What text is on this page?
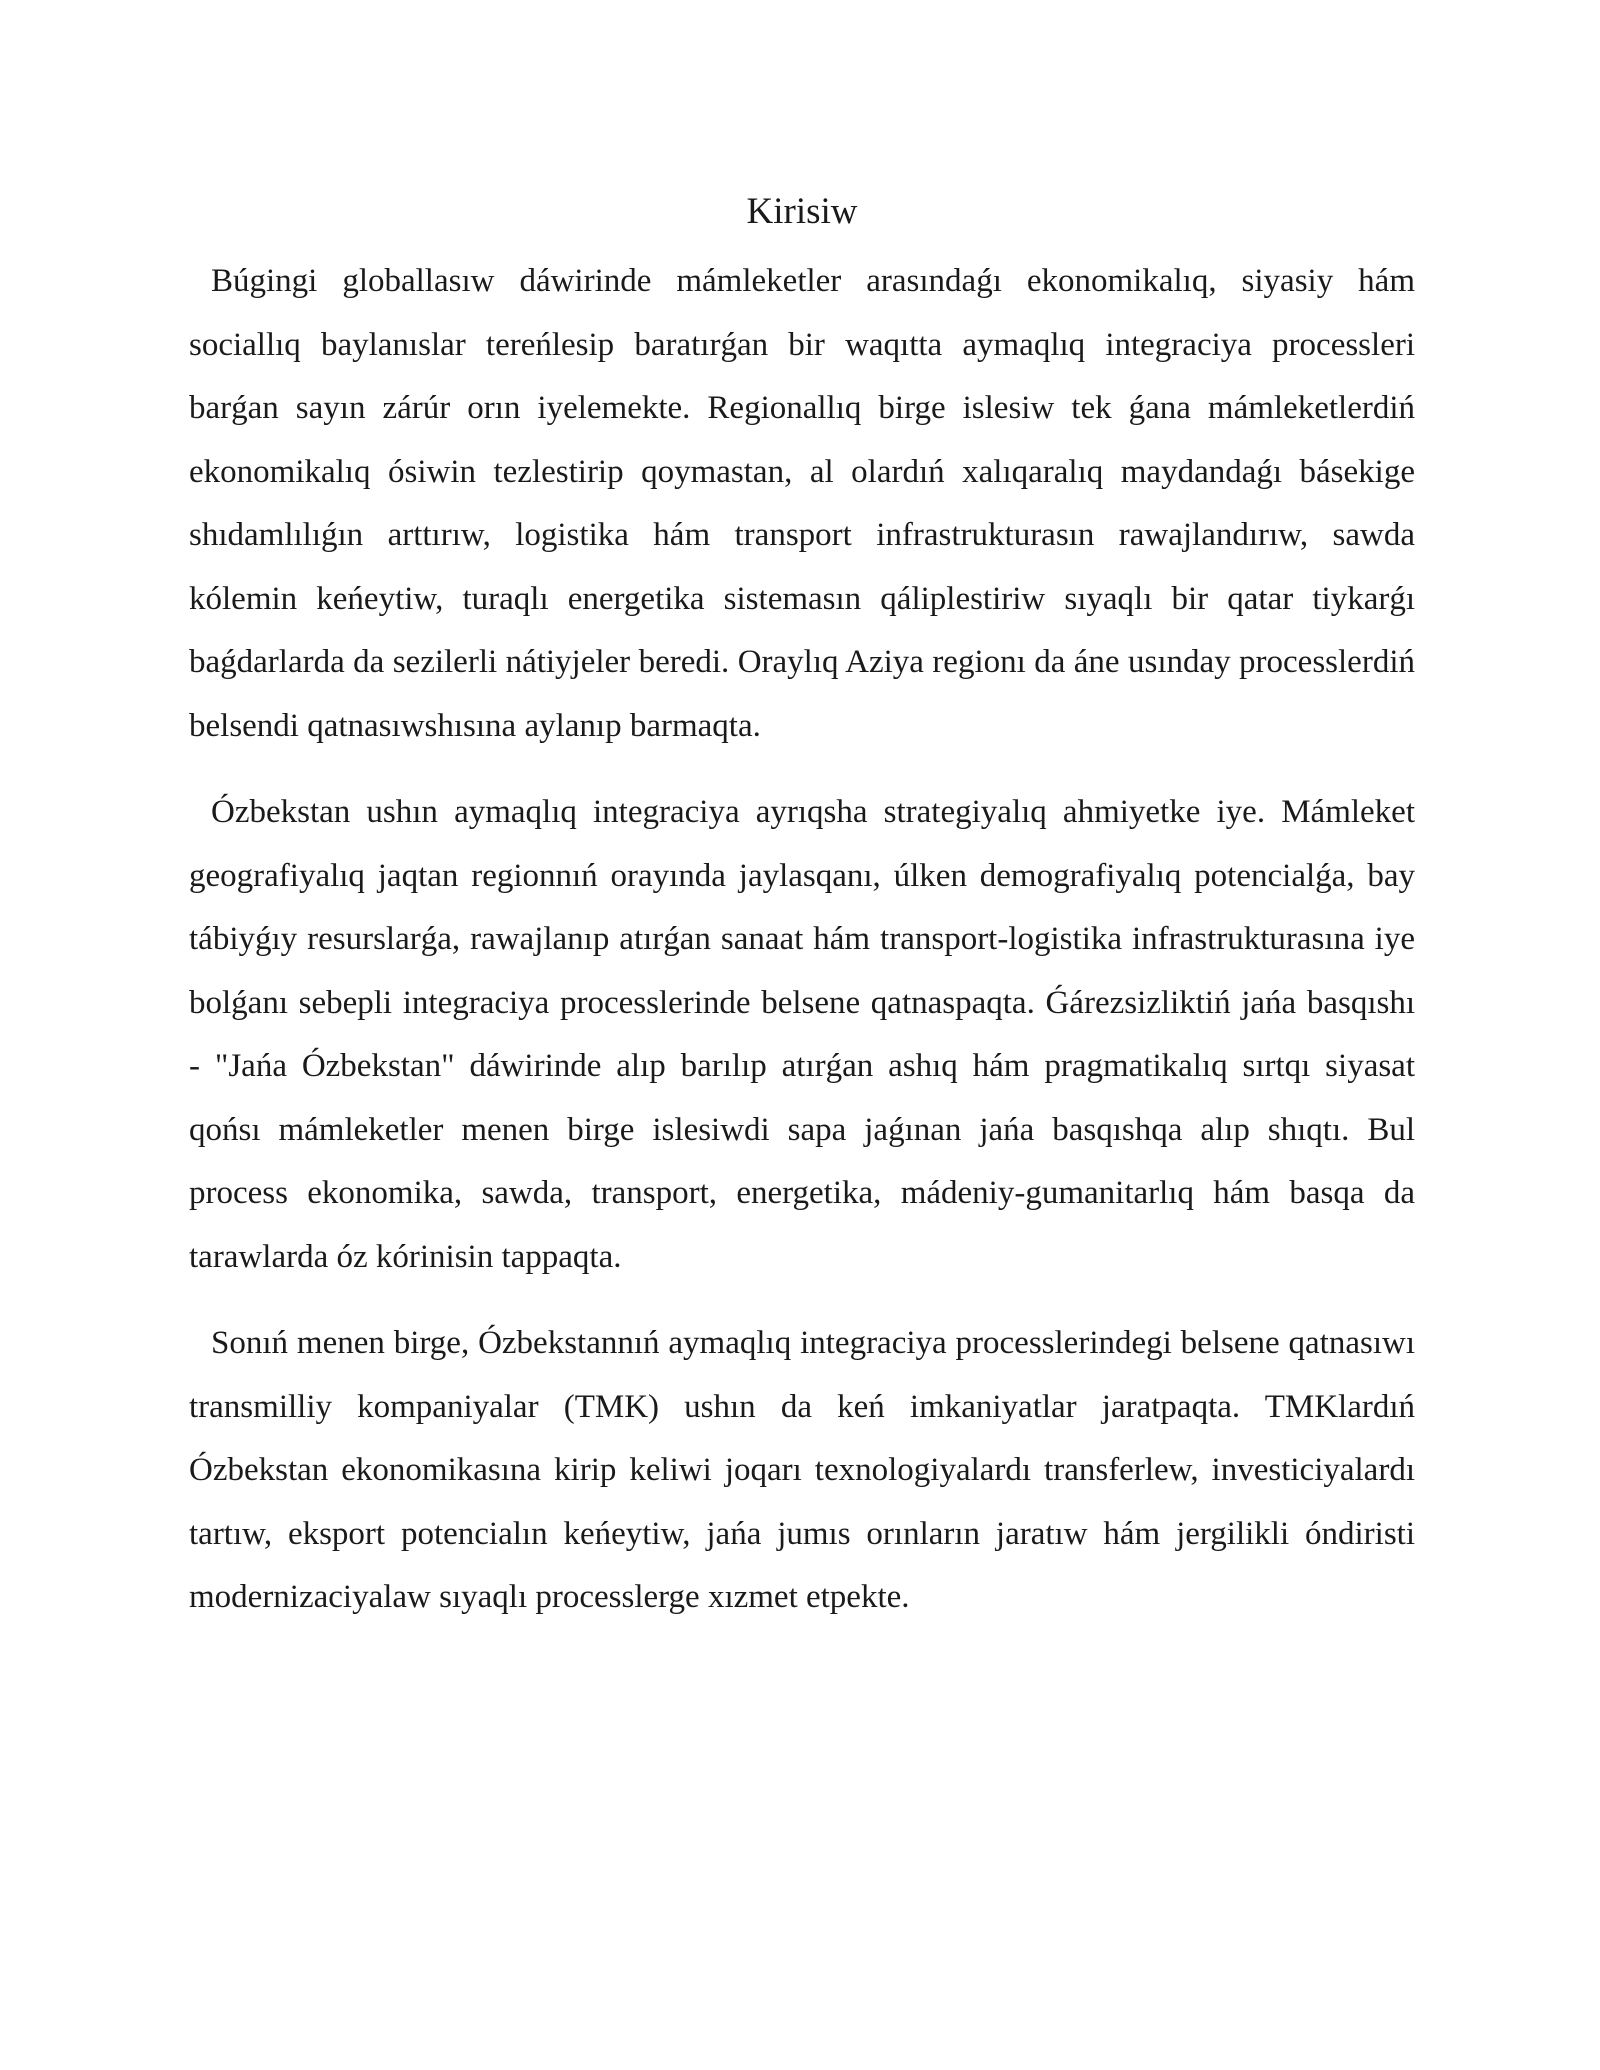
Kirisiw

Búgingi globallasıw dáwirinde mámleketler arasındaǵı ekonomikalıq, siyasiy hám sociallıq baylanıslar tereńlesip baratırǵan bir waqıtta aymaqlıq integraciya processleri barǵan sayın zárúr orın iyelemekte. Regionallıq birge islesiw tek ǵana mámleketlerdiń ekonomikalıq ósiwin tezlestirip qoymastan, al olardıń xalıqaralıq maydandaǵı básekige shıdamlılıǵın arttırıw, logistika hám transport infrastrukturasın rawajlandırıw, sawda kólemin keńeytiw, turaqlı energetika sistemasın qáliplestiriw sıyaqlı bir qatar tiykarǵı baǵdarlarda da sezilerli nátiyjeler beredi. Oraylıq Aziya regionı da áne usınday processlerdiń belsendi qatnasıwshısına aylanıp barmaqta.

Ózbekstan ushın aymaqlıq integraciya ayrıqsha strategiyalıq ahmiyetke iye. Mámleket geografiyalıq jaqtan regionnıń orayında jaylasqanı, úlken demografiyalıq potencialǵa, bay tábiyǵıy resurslarǵa, rawajlanıp atırǵan sanaat hám transport-logistika infrastrukturasına iye bolǵanı sebepli integraciya processlerinde belsene qatnaspaqta. Ǵárezsizliktiń jańa basqıshı - "Jańa Ózbekstan" dáwirinde alıp barılıp atırǵan ashıq hám pragmatikalıq sırtqı siyasat qońsı mámleketler menen birge islesiwdi sapa jaǵınan jańa basqıshqa alıp shıqtı. Bul process ekonomika, sawda, transport, energetika, mádeniy-gumanitarlıq hám basqa da tarawlarda óz kórinisin tappaqta.

Sonıń menen birge, Ózbekstannıń aymaqlıq integraciya processlerindegi belsene qatnasıwı transmilliy kompaniyalar (TMK) ushın da keń imkaniyatlar jaratpaqta. TMKlardıń Ózbekstan ekonomikasına kirip keliwi joqarı texnologiyalardı transferlew, investiciyalardı tartıw, eksport potencialın keńeytiw, jańa jumıs orınların jaratıw hám jergilikli óndiristi modernizaciyalaw sıyaqlı processlerge xızmet etpekte.
